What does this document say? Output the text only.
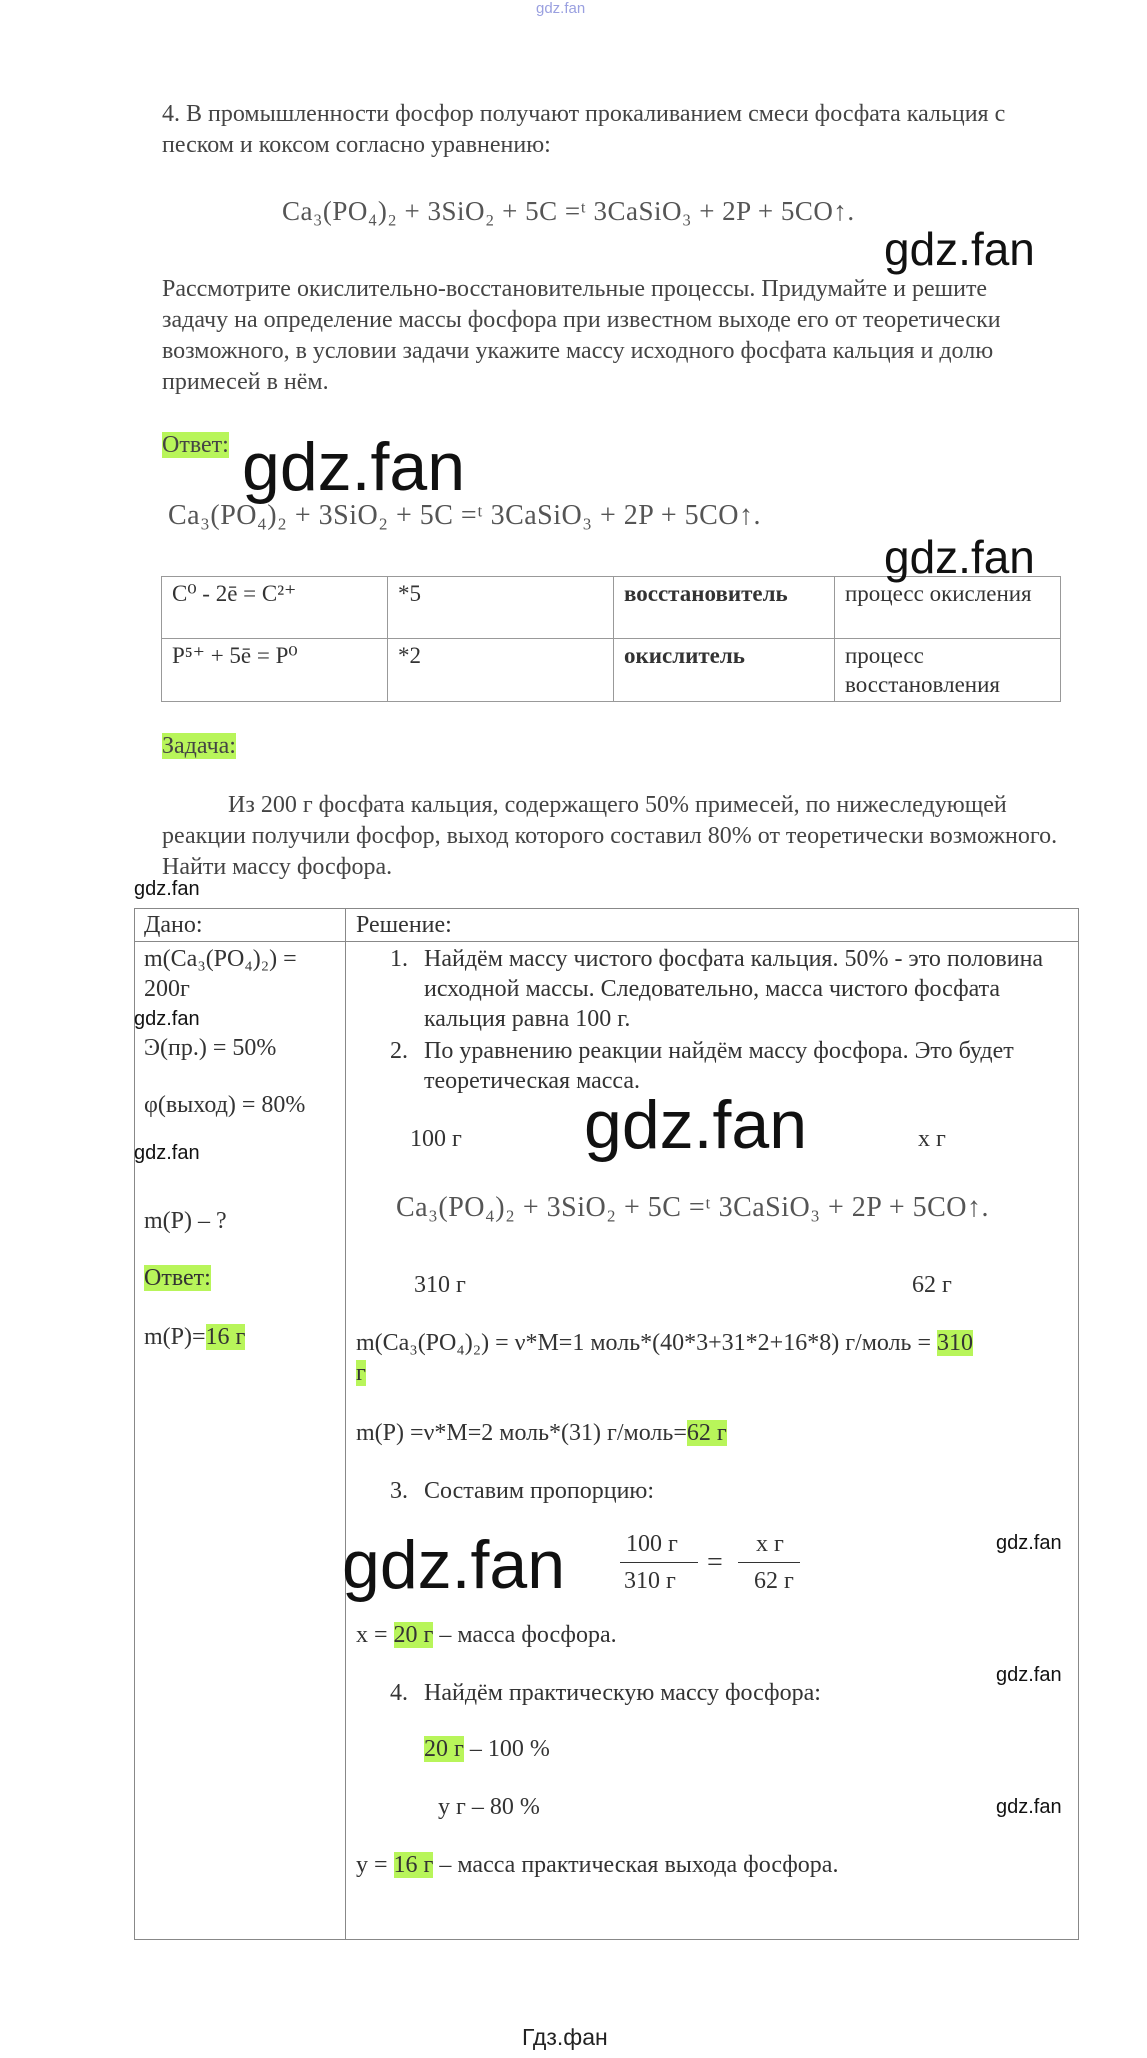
gdz.fan
4. В промышленности фосфор получают прокаливанием смеси фосфата кальция с песком и коксом согласно уравнению:
Ca₃(PO₄)₂ + 3SiO₂ + 5C =ᵗ 3CaSiO₃ + 2P + 5CO↑.
Рассмотрите окислительно-восстановительные процессы. Придумайте и решите задачу на определение массы фосфора при известном выходе его от теоретически возможного, в условии задачи укажите массу исходного фосфата кальция и долю примесей в нём.
Ответ:
Ca₃(PO₄)₂ + 3SiO₂ + 5C =ᵗ 3CaSiO₃ + 2P + 5CO↑.
C⁰ - 2ē = C²⁺	*5	восстановитель	процесс окисления
P⁵⁺ + 5ē = P⁰	*2	окислитель	процесс восстановления
Задача:
Из 200 г фосфата кальция, содержащего 50% примесей, по нижеследующей реакции получили фосфор, выход которого составил 80% от теоретически возможного. Найти массу фосфора.
Дано:
m(Ca₃(PO₄)₂) =
200г
Ͽ(пр.) = 50%
φ(выход) = 80%
m(P) – ?
Ответ:
m(P)=16 г
Решение:
1. Найдём массу чистого фосфата кальция. 50% - это половина исходной массы. Следовательно, масса чистого фосфата кальция равна 100 г.
2. По уравнению реакции найдём массу фосфора. Это будет теоретическая масса.
100 г	х г
Ca₃(PO₄)₂ + 3SiO₂ + 5C =ᵗ 3CaSiO₃ + 2P + 5CO↑.
310 г	62 г
m(Ca₃(PO₄)₂) = ν*M=1 моль*(40*3+31*2+16*8) г/моль = 310
г
m(P) =ν*M=2 моль*(31) г/моль=62 г
3. Составим пропорцию:
100 г
310 г
=
х г
62 г
x = 20 г – масса фосфора.
4. Найдём практическую массу фосфора:
20 г – 100 %
у г – 80 %
y = 16 г – масса практическая выхода фосфора.
gdz.fan
gdz.fan
gdz.fan
gdz.fan
gdz.fan
gdz.fan
gdz.fan
gdz.fan
gdz.fan
gdz.fan
gdz.fan
Гдз.фан
